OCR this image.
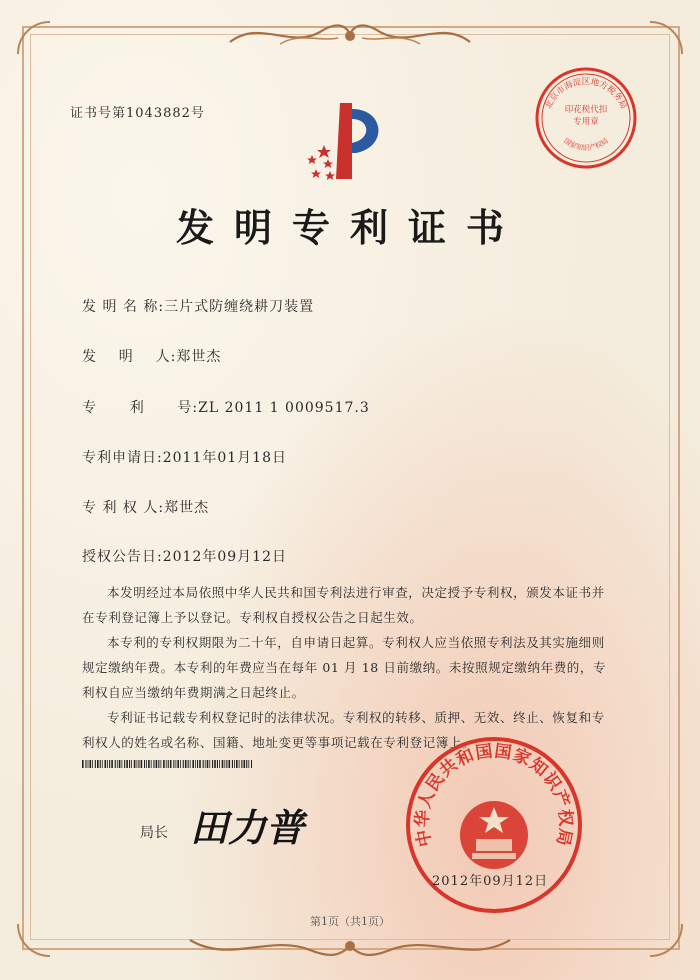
证书号第1043882号
北京市海淀区地方税务局
国家知识产权局
印花税代扣专用章
发明专利证书
发 明 名 称:三片式防缠绕耕刀装置
发    明    人:郑世杰
专      利      号:ZL 2011 1 0009517.3
专利申请日:2011年01月18日
专 利 权 人:郑世杰
授权公告日:2012年09月12日

本发明经过本局依照中华人民共和国专利法进行审查，决定授予专利权，颁发本证书并在专利登记簿上予以登记。专利权自授权公告之日起生效。

本专利的专利权期限为二十年，自申请日起算。专利权人应当依照专利法及其实施细则规定缴纳年费。本专利的年费应当在每年 01 月 18 日前缴纳。未按照规定缴纳年费的，专利权自应当缴纳年费期满之日起终止。

专利证书记载专利权登记时的法律状况。专利权的转移、质押、无效、终止、恢复和专利权人的姓名或名称、国籍、地址变更等事项记载在专利登记簿上。

局长 田力普	中华人民共和国国家知识产权局
2012年09月12日
第1页（共1页）
